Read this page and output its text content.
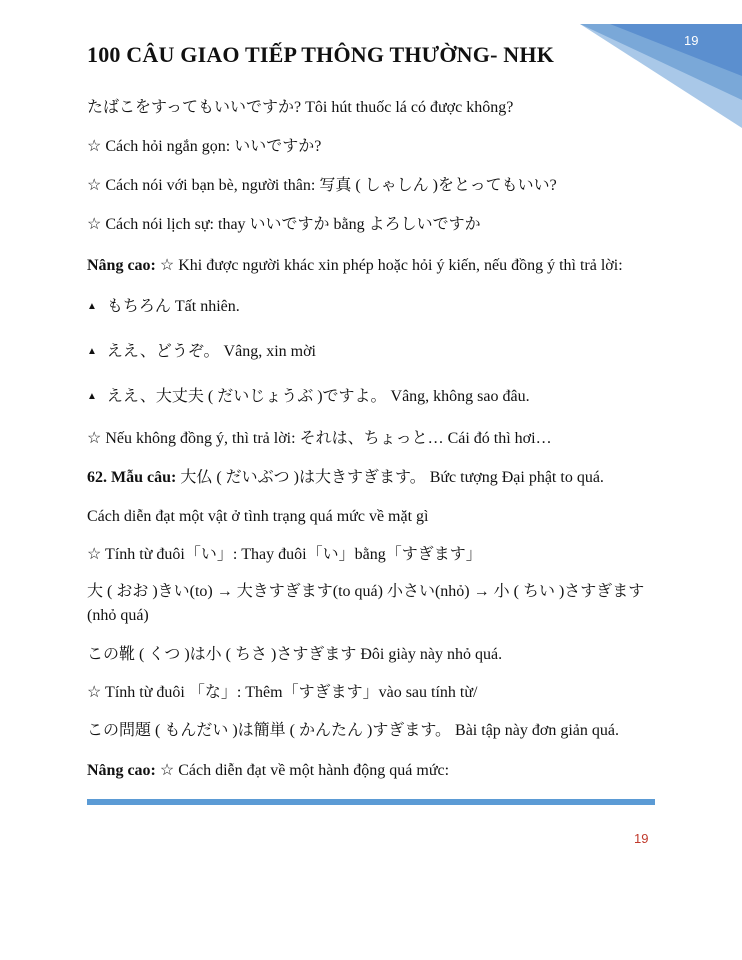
19
100 CÂU GIAO TIẾP THÔNG THƯỜNG- NHK
たばこをすってもいいですか? Tôi hút thuốc lá có được không?
☆ Cách hỏi ngắn gọn: いいですか?
☆ Cách nói với bạn bè, người thân: 写真 ( しゃしん )をとってもいい?
☆ Cách nói lịch sự: thay いいですか bằng よろしいですか
Nâng cao: ☆ Khi được người khác xin phép hoặc hỏi ý kiến, nếu đồng ý thì trả lời:
▲ もちろん Tất nhiên.
▲ ええ、どうぞ。 Vâng, xin mời
▲ ええ、大丈夫 ( だいじょうぶ )ですよ。 Vâng, không sao đâu.
☆ Nếu không đồng ý, thì trả lời: それは、ちょっと… Cái đó thì hơi…
62. Mẫu câu: 大仏 ( だいぶつ )は大きすぎます。 Bức tượng Đại phật to quá.
Cách diễn đạt một vật ở tình trạng quá mức về mặt gì
☆ Tính từ đuôi「い」: Thay đuôi「い」bằng「すぎます」
大 ( おお )きい(to) → 大きすぎます(to quá) 小さい(nhỏ) → 小 ( ちい )さすぎます(nhỏ quá)
この靴 ( くつ )は小 ( ちさ )さすぎます Đôi giày này nhỏ quá.
☆ Tính từ đuôi 「な」: Thêm「すぎます」vào sau tính từ/
この問題 ( もんだい )は簡単 ( かんたん )すぎます。 Bài tập này đơn giản quá.
Nâng cao: ☆ Cách diễn đạt về một hành động quá mức:
19
